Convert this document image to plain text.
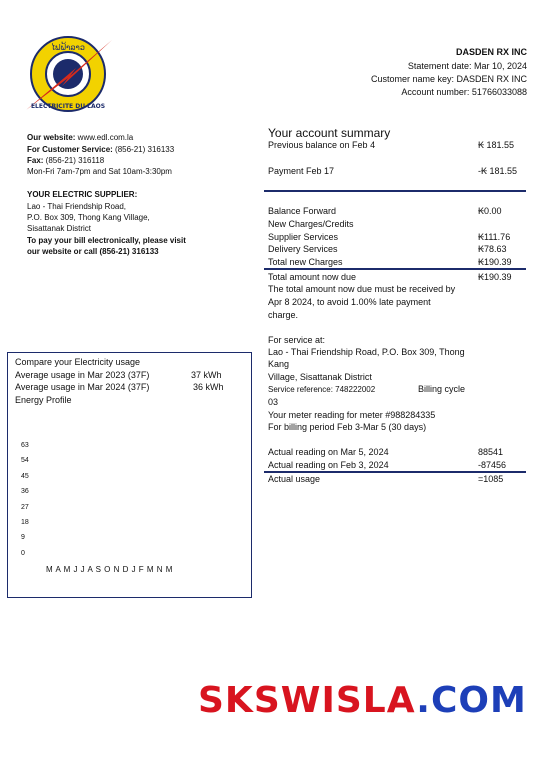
ໄຟຟ້າລາວ
ELECTRICITE DU LAOS
DASDEN RX INC
Statement date: Mar 10, 2024
Customer name key: DASDEN RX INC
Account number: 51766033088
Our website: www.edl.com.la
For Customer Service: (856-21) 316133
Fax: (856-21) 316118
Mon-Fri 7am-7pm and Sat 10am-3:30pm
YOUR ELECTRIC SUPPLIER:
Lao - Thai Friendship Road,
P.O. Box 309, Thong Kang Village,
Sisattanak District
To pay your bill electronically, please visit
our website or call (856-21) 316133
Your account summary
Previous balance on Feb 4	₭ 181.55
Payment Feb 17	-₭ 181.55
Balance Forward	₭0.00
New Charges/Credits
Supplier Services	₭111.76
Delivery Services	₭78.63
Total new Charges	₭190.39
Total amount now due	₭190.39
The total amount now due must be received by
Apr 8 2024, to avoid 1.00% late payment
charge.
For service at:
Lao - Thai Friendship Road, P.O. Box 309, Thong
Kang
Village, Sisattanak District
Service reference: 748222002	Billing cycle
03
Your meter reading for meter #988284335
For billing period Feb 3-Mar 5 (30 days)
Actual reading on Mar 5, 2024	88541
Actual reading on Feb 3, 2024	-87456
Actual usage	=1085
Compare your Electricity usage
Average usage in Mar 2023 (37F)	37 kWh
Average usage in Mar 2024 (37F)	36 kWh
Energy Profile
63
54
45
36
27
18
9
0
M A M J J A S O N D J F M N M
SKSWISLA.COM
